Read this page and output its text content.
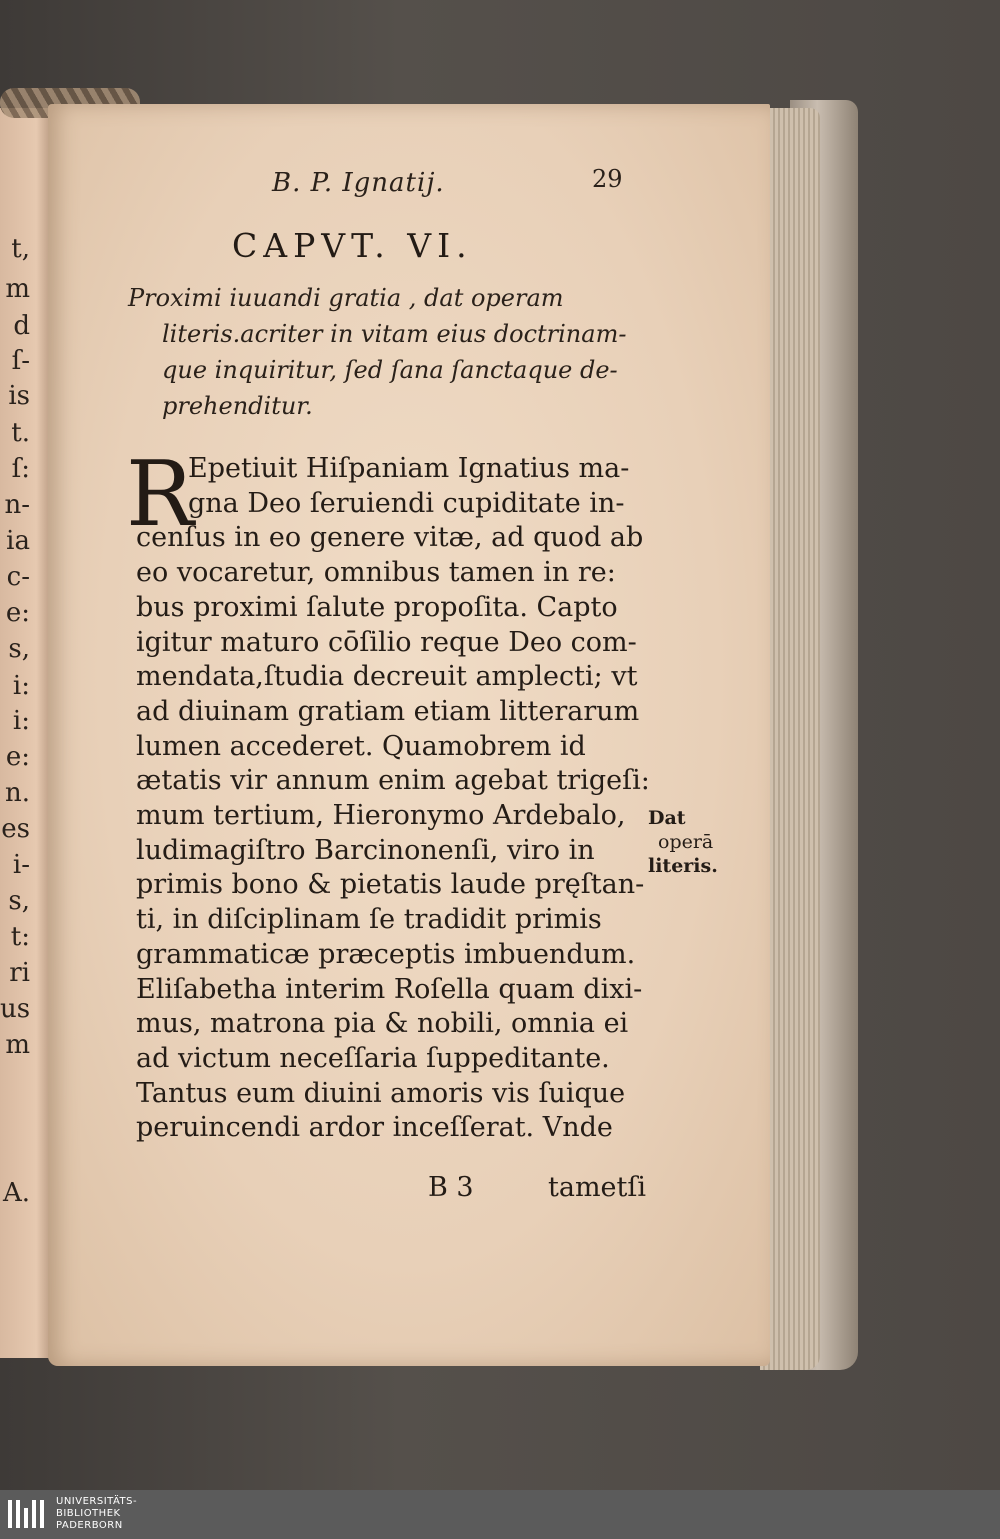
t,
m
d
ſ-
is
t.
ſ:
n-
ia
c-
e:
s,
i:
i:
e:
n.
es
i-
s,
t:
ri
us
m
A.
B. P. Ignatij.	29
CAPVT. VI.
Proximi iuuandi gratia , dat operam
literis.acriter in vitam eius doctrinam-
que inquiritur, ſed ſana ſanctaque de-
prehenditur.
R
Epetiuit Hiſpaniam Ignatius ma-
gna Deo ſeruiendi cupiditate in-
cenſus in eo genere vitæ, ad quod ab
eo vocaretur, omnibus tamen in re:
bus proximi ſalute propoſita. Capto
igitur maturo cōſilio reque Deo com-
mendata,ſtudia decreuit amplecti; vt
ad diuinam gratiam etiam litterarum
lumen accederet. Quamobrem id
ætatis vir annum enim agebat trigeſi:
mum tertium, Hieronymo Ardebalo,
ludimagiſtro Barcinonenſi, viro in
primis bono & pietatis laude pręſtan-
ti, in diſciplinam ſe tradidit primis
grammaticæ præceptis imbuendum.
Eliſabetha interim Roſella quam dixi-
mus, matrona pia & nobili, omnia ei
ad victum neceſſaria ſuppeditante.
Tantus eum diuini amoris vis ſuique
peruincendi ardor inceſſerat. Vnde
Dat
operā
literis.
B 3	tametſi
UNIVERSITÄTS-
BIBLIOTHEK
PADERBORN
